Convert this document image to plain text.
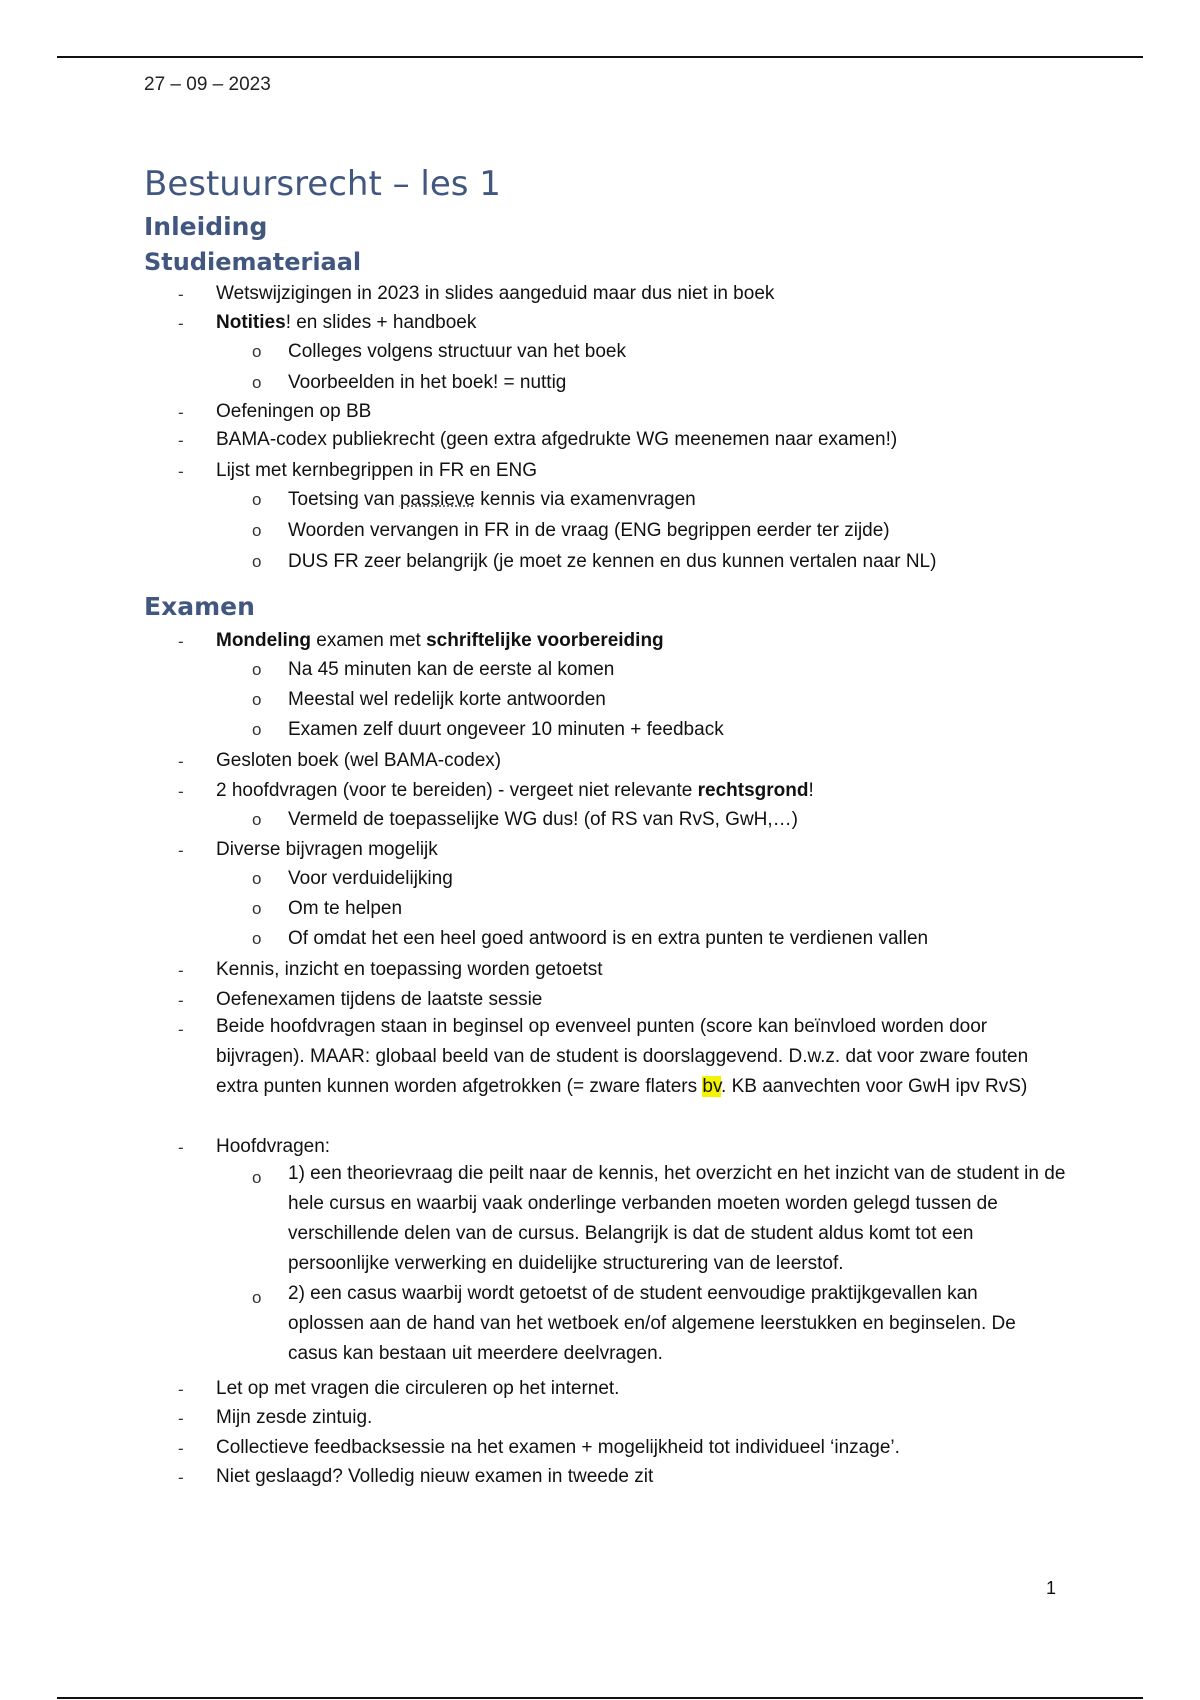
27 – 09 – 2023
Bestuursrecht – les 1
Inleiding
Studiemateriaal
- Wetswijzigingen in 2023 in slides aangeduid maar dus niet in boek
- Notities! en slides + handboek
o Colleges volgens structuur van het boek
o Voorbeelden in het boek! = nuttig
- Oefeningen op BB
- BAMA-codex publiekrecht (geen extra afgedrukte WG meenemen naar examen!)
- Lijst met kernbegrippen in FR en ENG
o Toetsing van passieve kennis via examenvragen
o Woorden vervangen in FR in de vraag (ENG begrippen eerder ter zijde)
o DUS FR zeer belangrijk (je moet ze kennen en dus kunnen vertalen naar NL)
Examen
- Mondeling examen met schriftelijke voorbereiding
o Na 45 minuten kan de eerste al komen
o Meestal wel redelijk korte antwoorden
o Examen zelf duurt ongeveer 10 minuten + feedback
- Gesloten boek (wel BAMA-codex)
- 2 hoofdvragen (voor te bereiden) - vergeet niet relevante rechtsgrond!
o Vermeld de toepasselijke WG dus! (of RS van RvS, GwH,…)
- Diverse bijvragen mogelijk
o Voor verduidelijking
o Om te helpen
o Of omdat het een heel goed antwoord is en extra punten te verdienen vallen
- Kennis, inzicht en toepassing worden getoetst
- Oefenexamen tijdens de laatste sessie
- Beide hoofdvragen staan in beginsel op evenveel punten (score kan beïnvloed worden door bijvragen). MAAR: globaal beeld van de student is doorslaggevend. D.w.z. dat voor zware fouten extra punten kunnen worden afgetrokken (= zware flaters bv. KB aanvechten voor GwH ipv RvS)
- Hoofdvragen:
o 1) een theorievraag die peilt naar de kennis, het overzicht en het inzicht van de student in de hele cursus en waarbij vaak onderlinge verbanden moeten worden gelegd tussen de verschillende delen van de cursus. Belangrijk is dat de student aldus komt tot een persoonlijke verwerking en duidelijke structurering van de leerstof.
o 2) een casus waarbij wordt getoetst of de student eenvoudige praktijkgevallen kan oplossen aan de hand van het wetboek en/of algemene leerstukken en beginselen. De casus kan bestaan uit meerdere deelvragen.
- Let op met vragen die circuleren op het internet.
- Mijn zesde zintuig.
- Collectieve feedbacksessie na het examen + mogelijkheid tot individueel ‘inzage’.
- Niet geslaagd? Volledig nieuw examen in tweede zit
1
